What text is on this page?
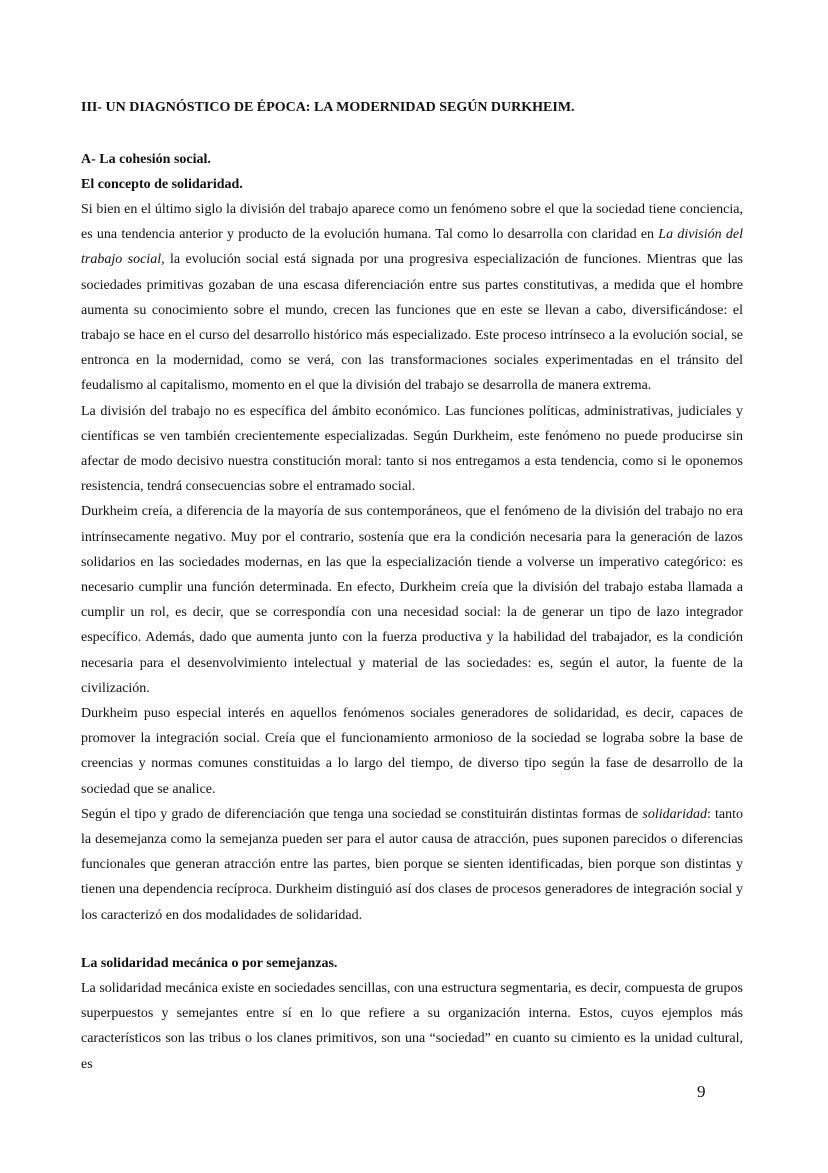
III- UN DIAGNÓSTICO DE ÉPOCA: LA MODERNIDAD SEGÚN DURKHEIM.

A- La cohesión social.

El concepto de solidaridad.

Si bien en el último siglo la división del trabajo aparece como un fenómeno sobre el que la sociedad tiene conciencia, es una tendencia anterior y producto de la evolución humana. Tal como lo desarrolla con claridad en La división del trabajo social, la evolución social está signada por una progresiva especialización de funciones. Mientras que las sociedades primitivas gozaban de una escasa diferenciación entre sus partes constitutivas, a medida que el hombre aumenta su conocimiento sobre el mundo, crecen las funciones que en este se llevan a cabo, diversificándose: el trabajo se hace en el curso del desarrollo histórico más especializado. Este proceso intrínseco a la evolución social, se entronca en la modernidad, como se verá, con las transformaciones sociales experimentadas en el tránsito del feudalismo al capitalismo, momento en el que la división del trabajo se desarrolla de manera extrema.

La división del trabajo no es específica del ámbito económico. Las funciones políticas, administrativas, judiciales y científicas se ven también crecientemente especializadas. Según Durkheim, este fenómeno no puede producirse sin afectar de modo decisivo nuestra constitución moral: tanto si nos entregamos a esta tendencia, como si le oponemos resistencia, tendrá consecuencias sobre el entramado social.

Durkheim creía, a diferencia de la mayoría de sus contemporáneos, que el fenómeno de la división del trabajo no era intrínsecamente negativo. Muy por el contrario, sostenía que era la condición necesaria para la generación de lazos solidarios en las sociedades modernas, en las que la especialización tiende a volverse un imperativo categórico: es necesario cumplir una función determinada. En efecto, Durkheim creía que la división del trabajo estaba llamada a cumplir un rol, es decir, que se correspondía con una necesidad social: la de generar un tipo de lazo integrador específico. Además, dado que aumenta junto con la fuerza productiva y la habilidad del trabajador, es la condición necesaria para el desenvolvimiento intelectual y material de las sociedades: es, según el autor, la fuente de la civilización.

Durkheim puso especial interés en aquellos fenómenos sociales generadores de solidaridad, es decir, capaces de promover la integración social. Creía que el funcionamiento armonioso de la sociedad se lograba sobre la base de creencias y normas comunes constituidas a lo largo del tiempo, de diverso tipo según la fase de desarrollo de la sociedad que se analice.

Según el tipo y grado de diferenciación que tenga una sociedad se constituirán distintas formas de solidaridad: tanto la desemejanza como la semejanza pueden ser para el autor causa de atracción, pues suponen parecidos o diferencias funcionales que generan atracción entre las partes, bien porque se sienten identificadas, bien porque son distintas y tienen una dependencia recíproca. Durkheim distinguió así dos clases de procesos generadores de integración social y los caracterizó en dos modalidades de solidaridad.

La solidaridad mecánica o por semejanzas.

La solidaridad mecánica existe en sociedades sencillas, con una estructura segmentaria, es decir, compuesta de grupos superpuestos y semejantes entre sí en lo que refiere a su organización interna. Estos, cuyos ejemplos más característicos son las tribus o los clanes primitivos, son una “sociedad” en cuanto su cimiento es la unidad cultural, es

9
